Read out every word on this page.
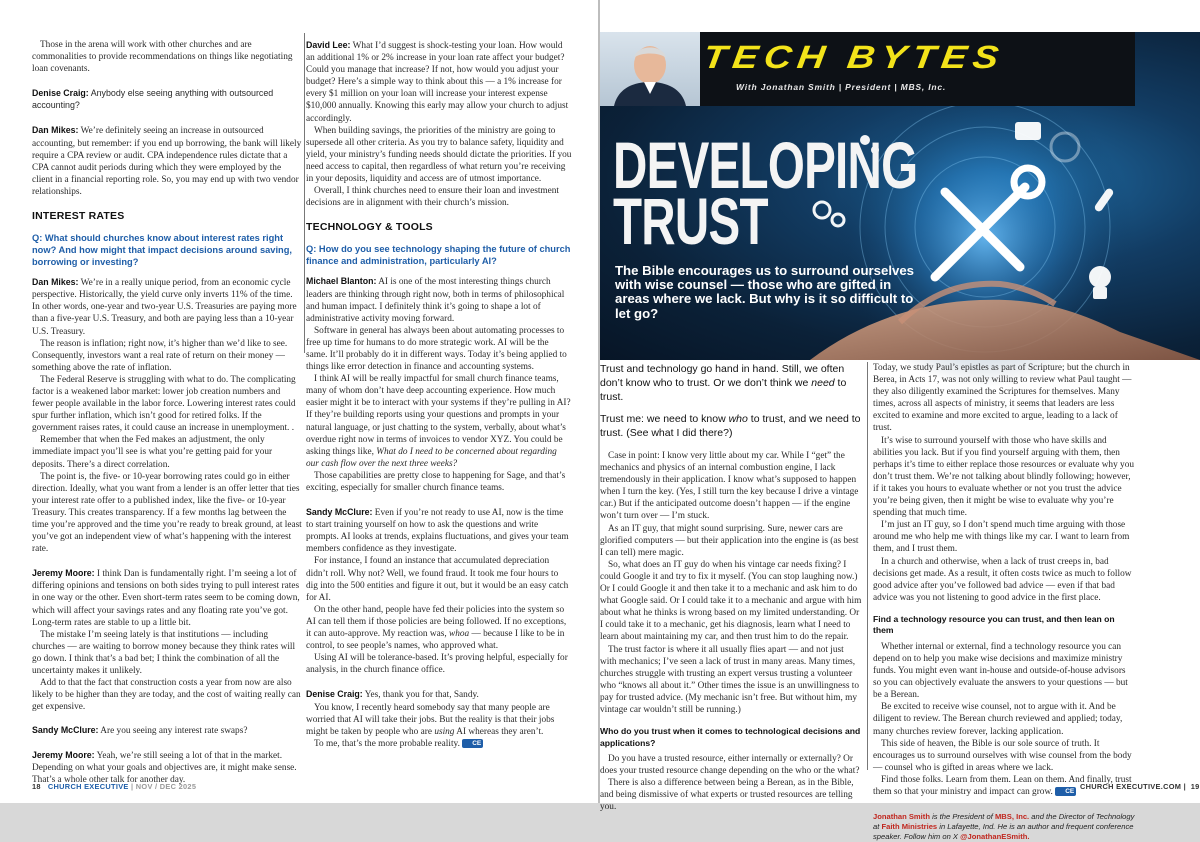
Those in the arena will work with other churches and are commonalities to provide recommendations on things like negotiating loan covenants.

Denise Craig: Anybody else seeing anything with outsourced accounting?

Dan Mikes: We’re definitely seeing an increase in outsourced accounting, but remember: if you end up borrowing, the bank will likely require a CPA review or audit. CPA independence rules dictate that a CPA cannot audit periods during which they were employed by the client in a financial reporting role. So, you may end up with two vendor relationships.

INTEREST RATES
Q: What should churches know about interest rates right now? And how might that impact decisions around saving, borrowing or investing?

Dan Mikes: We’re in a really unique period, from an economic cycle perspective. Historically, the yield curve only inverts 11% of the time. In other words, one-year and two-year U.S. Treasuries are paying more than a five-year U.S. Treasury, and both are paying less than a 10-year U.S. Treasury.

The reason is inflation; right now, it’s higher than we’d like to see. Consequently, investors want a real rate of return on their money — something above the rate of inflation.

The Federal Reserve is struggling with what to do. The complicating factor is a weakened labor market: lower job creation numbers and fewer people available in the labor force. Lowering interest rates could spur further inflation, which isn’t good for retired folks. If the government raises rates, it could cause an increase in unemployment. .

Remember that when the Fed makes an adjustment, the only immediate impact you’ll see is what you’re getting paid for your deposits. There’s a direct correlation.

The point is, the five- or 10-year borrowing rates could go in either direction. Ideally, what you want from a lender is an offer letter that ties your interest rate offer to a published index, like the five- or 10-year Treasury. This creates transparency. If a few months lag between the time you’re approved and the time you’re ready to break ground, at least you’ve got an independent view of what’s happening with the interest rate.

Jeremy Moore: I think Dan is fundamentally right. I’m seeing a lot of differing opinions and tensions on both sides trying to pull interest rates in one way or the other. Even short-term rates seem to be coming down, which will affect your savings rates and any floating rate you’ve got. Long-term rates are stable to up a little bit.

The mistake I’m seeing lately is that institutions — including churches — are waiting to borrow money because they think rates will go down. I think that’s a bad bet; I think the combination of all the uncertainty makes it unlikely.

Add to that the fact that construction costs a year from now are also likely to be higher than they are today, and the cost of waiting really can get expensive.

Sandy McClure: Are you seeing any interest rate swaps?

Jeremy Moore: Yeah, we’re still seeing a lot of that in the market. Depending on what your goals and objectives are, it might make sense. That’s a whole other talk for another day.

David Lee: What I’d suggest is shock-testing your loan. How would an additional 1% or 2% increase in your loan rate affect your budget? Could you manage that increase? If not, how would you adjust your budget? Here’s a simple way to think about this — a 1% increase for every $1 million on your loan will increase your interest expense $10,000 annually. Knowing this early may allow your church to adjust accordingly.

When building savings, the priorities of the ministry are going to supersede all other criteria. As you try to balance safety, liquidity and yield, your ministry’s funding needs should dictate the priorities. If you need access to capital, then regardless of what return you’re receiving in your deposits, liquidity and access are of utmost importance.

Overall, I think churches need to ensure their loan and investment decisions are in alignment with their church’s mission.

TECHNOLOGY & TOOLS
Q: How do you see technology shaping the future of church finance and administration, particularly AI?

Michael Blanton: AI is one of the most interesting things church leaders are thinking through right now, both in terms of philosophical and human impact. I definitely think it’s going to shape a lot of administrative activity moving forward.

Software in general has always been about automating processes to free up time for humans to do more strategic work. AI will be the same. It’ll probably do it in different ways. Today it’s being applied to things like error detection in finance and accounting systems.

I think AI will be really impactful for small church finance teams, many of whom don’t have deep accounting experience. How much easier might it be to interact with your systems if they’re pulling in AI? If they’re building reports using your questions and prompts in your natural language, or just chatting to the system, verbally, about what’s overdue right now in terms of invoices to vendor XYZ. You could be asking things like, What do I need to be concerned about regarding our cash flow over the next three weeks?

Those capabilities are pretty close to happening for Sage, and that’s exciting, especially for smaller church finance teams.

Sandy McClure: Even if you’re not ready to use AI, now is the time to start training yourself on how to ask the questions and write prompts. AI looks at trends, explains fluctuations, and gives your team members confidence as they investigate.

For instance, I found an instance that accumulated depreciation didn’t roll. Why not? Well, we found fraud. It took me four hours to dig into the 500 entities and figure it out, but it would be an easy catch for AI.

On the other hand, people have fed their policies into the system so AI can tell them if those policies are being followed. If no exceptions, it can auto-approve. My reaction was, whoa — because I like to be in control, to see people’s names, who approved what.

Using AI will be tolerance-based. It’s proving helpful, especially for analysis, in the church finance office.

Denise Craig: Yes, thank you for that, Sandy.

You know, I recently heard somebody say that many people are worried that AI will take their jobs. But the reality is that their jobs might be taken by people who are using AI whereas they aren’t.

To me, that’s the more probable reality. CE

18 CHURCH EXECUTIVE | NOV / DEC 2025
TECH BYTES
With Jonathan Smith | President | MBS, Inc.
DEVELOPING
TRUST
The Bible encourages us to surround ourselves with wise counsel — those who are gifted in areas where we lack. But why is it so difficult to let go?

Trust and technology go hand in hand. Still, we often don’t know who to trust. Or we don’t think we need to trust.

Trust me: we need to know who to trust, and we need to trust. (See what I did there?)

Case in point: I know very little about my car. While I “get” the mechanics and physics of an internal combustion engine, I lack tremendously in their application. I know what’s supposed to happen when I turn the key. (Yes, I still turn the key because I drive a vintage car.) But if the anticipated outcome doesn’t happen — if the engine won’t turn over — I’m stuck.

As an IT guy, that might sound surprising. Sure, newer cars are glorified computers — but their application into the engine is (as best I can tell) mere magic.

So, what does an IT guy do when his vintage car needs fixing? I could Google it and try to fix it myself. (You can stop laughing now.) Or I could Google it and then take it to a mechanic and ask him to do what Google said. Or I could take it to a mechanic and argue with him about what he thinks is wrong based on my limited understanding. Or I could take it to a mechanic, get his diagnosis, learn what I need to learn about maintaining my car, and then trust him to do the repair.

The trust factor is where it all usually flies apart — and not just with mechanics; I’ve seen a lack of trust in many areas. Many times, churches struggle with trusting an expert versus trusting a volunteer who “knows all about it.” Other times the issue is an unwillingness to pay for trusted advice. (My mechanic isn’t free. But without him, my vintage car wouldn’t still be running.)

Who do you trust when it comes to technological decisions and applications?

Do you have a trusted resource, either internally or externally? Or does your trusted resource change depending on the who or the what?

There is also a difference between being a Berean, as in the Bible, and being dismissive of what experts or trusted resources are telling you.

Today, we study Paul’s epistles as part of Scripture; but the church in Berea, in Acts 17, was not only willing to review what Paul taught — they also diligently examined the Scriptures for themselves. Many times, across all aspects of ministry, it seems that leaders are less excited to examine and more excited to argue, leading to a lack of trust.

It’s wise to surround yourself with those who have skills and abilities you lack. But if you find yourself arguing with them, then perhaps it’s time to either replace those resources or evaluate why you don’t trust them. We’re not talking about blindly following; however, if it takes you hours to evaluate whether or not you trust the advice you’re being given, then it might be wise to evaluate why you’re spending that much time.

I’m just an IT guy, so I don’t spend much time arguing with those around me who help me with things like my car. I want to learn from them, and I trust them.

In a church and otherwise, when a lack of trust creeps in, bad decisions get made. As a result, it often costs twice as much to follow good advice after you’ve followed bad advice — even if that bad advice was you not listening to good advice in the first place.

Find a technology resource you can trust, and then lean on them

Whether internal or external, find a technology resource you can depend on to help you make wise decisions and maximize ministry funds. You might even want in-house and outside-of-house advisors so you can objectively evaluate the answers to your questions — but be a Berean.

Be excited to receive wise counsel, not to argue with it. And be diligent to review. The Berean church reviewed and applied; today, many churches review forever, lacking application.

This side of heaven, the Bible is our sole source of truth. It encourages us to surround ourselves with wise counsel from the body — counsel who is gifted in areas where we lack.

Find those folks. Learn from them. Lean on them. And finally, trust them so that your ministry and impact can grow. CE

Jonathan Smith is the President of MBS, Inc. and the Director of Technology at Faith Ministries in Lafayette, Ind. He is an author and frequent conference speaker. Follow him on X @JonathanESmith.

CHURCH EXECUTIVE.COM | 19
